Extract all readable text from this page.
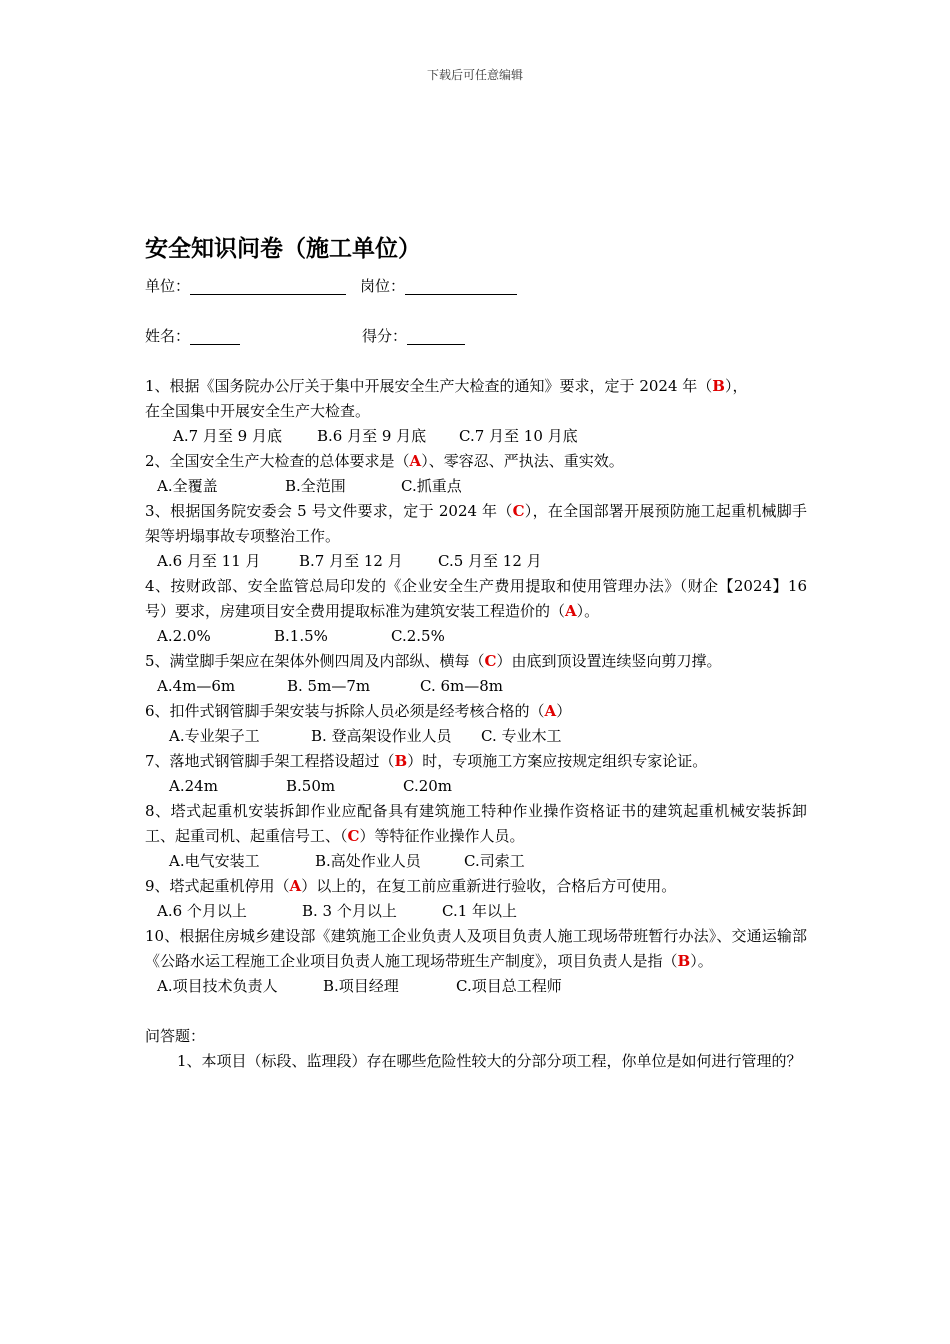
下载后可任意编辑
安全知识问卷（施工单位）
单位：	岗位：
姓名：	得分：

1、根据《国务院办公厅关于集中开展安全生产大检查的通知》要求，定于 2024 年（B），

在全国集中开展安全生产大检查。

A.7 月至 9 月底 B.6 月至 9 月底 C.7 月至 10 月底

2、全国安全生产大检查的总体要求是（A）、零容忍、严执法、重实效。

A.全覆盖	B.全范围	C.抓重点

3、根据国务院安委会 5 号文件要求，定于 2024 年（C），在全国部署开展预防施工起重机械脚手架等坍塌事故专项整治工作。

A.6 月至 11 月	B.7 月至 12 月 C.5 月至 12 月

4、按财政部、安全监管总局印发的《企业安全生产费用提取和使用管理办法》（财企【2024】16 号）要求，房建项目安全费用提取标准为建筑安装工程造价的（A）。

A.2.0%	B.1.5%	C.2.5%

5、满堂脚手架应在架体外侧四周及内部纵、横每（C）由底到顶设置连续竖向剪刀撑。

A.4m—6m	B. 5m—7m	C. 6m—8m

6、扣件式钢管脚手架安装与拆除人员必须是经考核合格的（A）

A.专业架子工	B. 登高架设作业人员 C. 专业木工

7、落地式钢管脚手架工程搭设超过（B）时，专项施工方案应按规定组织专家论证。

A.24m	B.50m	C.20m

8、塔式起重机安装拆卸作业应配备具有建筑施工特种作业操作资格证书的建筑起重机械安装拆卸工、起重司机、起重信号工、（C）等特征作业操作人员。

A.电气安装工	B.高处作业人员	C.司索工

9、塔式起重机停用（A）以上的，在复工前应重新进行验收，合格后方可使用。

A.6 个月以上	B. 3 个月以上	C.1 年以上

10、根据住房城乡建设部《建筑施工企业负责人及项目负责人施工现场带班暂行办法》、交通运输部《公路水运工程施工企业项目负责人施工现场带班生产制度》，项目负责人是指（B）。

A.项目技术负责人	B.项目经理	C.项目总工程师

问答题：

1、本项目（标段、监理段）存在哪些危险性较大的分部分项工程，你单位是如何进行管理的？
